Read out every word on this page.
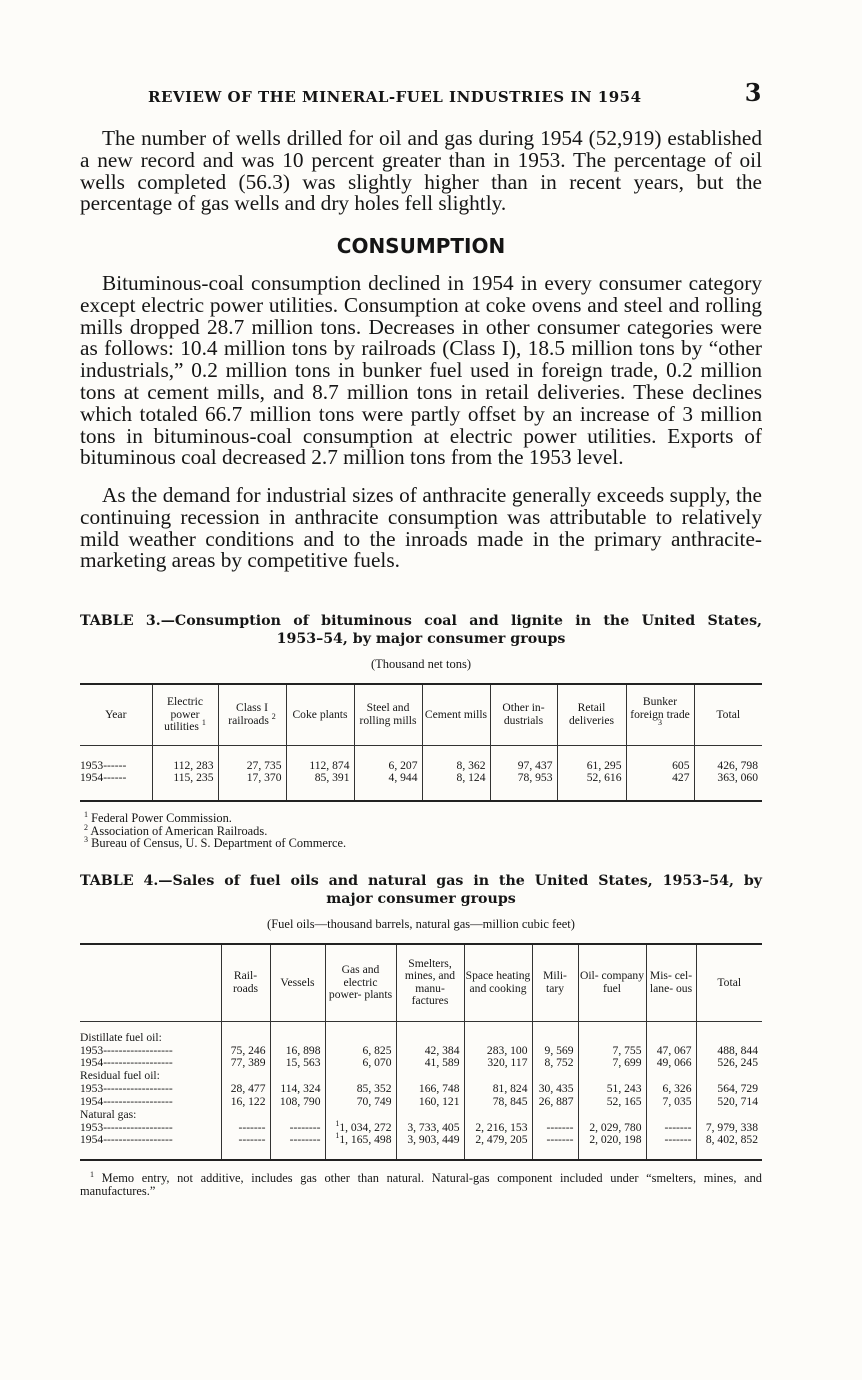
REVIEW OF THE MINERAL-FUEL INDUSTRIES IN 1954	3

The number of wells drilled for oil and gas during 1954 (52,919) established a new record and was 10 percent greater than in 1953. The percentage of oil wells completed (56.3) was slightly higher than in recent years, but the percentage of gas wells and dry holes fell slightly.

CONSUMPTION

Bituminous-coal consumption declined in 1954 in every consumer category except electric power utilities. Consumption at coke ovens and steel and rolling mills dropped 28.7 million tons. Decreases in other consumer categories were as follows: 10.4 million tons by railroads (Class I), 18.5 million tons by “other industrials,” 0.2 million tons in bunker fuel used in foreign trade, 0.2 million tons at cement mills, and 8.7 million tons in retail deliveries. These declines which totaled 66.7 million tons were partly offset by an increase of 3 million tons in bituminous-coal consumption at electric power utilities. Exports of bituminous coal decreased 2.7 million tons from the 1953 level.

As the demand for industrial sizes of anthracite generally exceeds supply, the continuing recession in anthracite consumption was attributable to relatively mild weather conditions and to the inroads made in the primary anthracite-marketing areas by competitive fuels.

TABLE 3.—Consumption of bituminous coal and lignite in the United States,
1953–54, by major consumer groups
(Thousand net tons)
Year	Electric power utilities $^1$	Class I railroads $^2$	Coke plants	Steel and rolling mills	Cement mills	Other in- dustrials	Retail deliveries	Bunker foreign trade $^3$	Total

1953------	112, 283	27, 735	112, 874	6, 207	8, 362	97, 437	61, 295	605	426, 798
1954------	115, 235	17, 370	85, 391	4, 944	8, 124	78, 953	52, 616	427	363, 060

$^1$ Federal Power Commission.
$^2$ Association of American Railroads.
$^3$ Bureau of Census, U. S. Department of Commerce.
TABLE 4.—Sales of fuel oils and natural gas in the United States, 1953–54, by
major consumer groups
(Fuel oils—thousand barrels, natural gas—million cubic feet)
	Rail- roads	Vessels	Gas and electric power- plants	Smelters, mines, and manu- factures	Space heating and cooking	Mili- tary	Oil- company fuel	Mis- cel- lane- ous	Total

Distillate fuel oil:									
1953------------------	75, 246	16, 898	6, 825	42, 384	283, 100	9, 569	7, 755	47, 067	488, 844
1954------------------	77, 389	15, 563	6, 070	41, 589	320, 117	8, 752	7, 699	49, 066	526, 245
Residual fuel oil:									
1953------------------	28, 477	114, 324	85, 352	166, 748	81, 824	30, 435	51, 243	6, 326	564, 729
1954------------------	16, 122	108, 790	70, 749	160, 121	78, 845	26, 887	52, 165	7, 035	520, 714
Natural gas:									
1953------------------	-------	--------	$^1$1, 034, 272	3, 733, 405	2, 216, 153	-------	2, 029, 780	-------	7, 979, 338
1954------------------	-------	--------	$^1$1, 165, 498	3, 903, 449	2, 479, 205	-------	2, 020, 198	-------	8, 402, 852

$^1$ Memo entry, not additive, includes gas other than natural. Natural-gas component included under “smelters, mines, and manufactures.”
